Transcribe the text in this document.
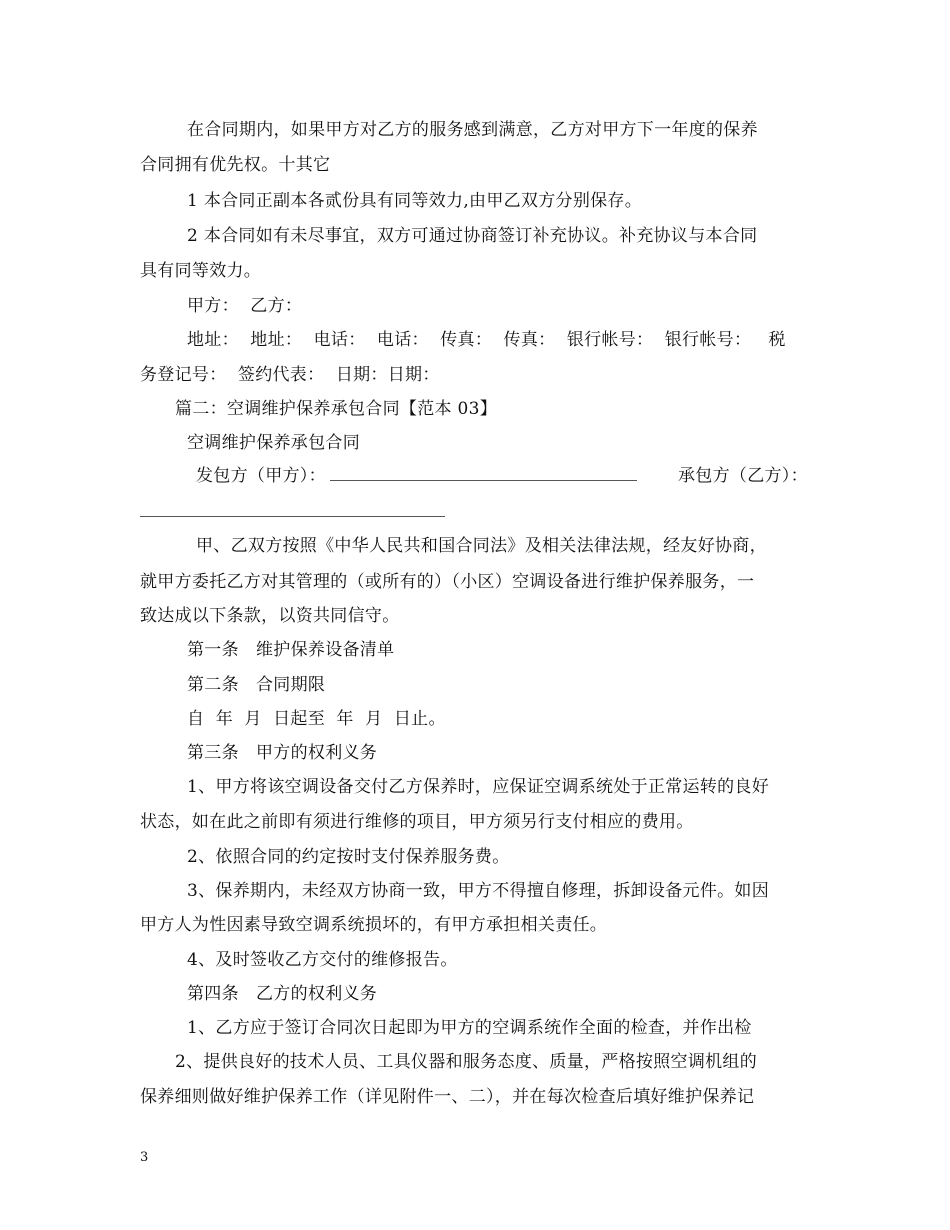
在合同期内，如果甲方对乙方的服务感到满意，乙方对甲方下一年度的保养
合同拥有优先权。十其它
1 本合同正副本各贰份具有同等效力,由甲乙双方分别保存。
2 本合同如有未尽事宜，双方可通过协商签订补充协议。补充协议与本合同
具有同等效力。
甲方：  乙方：
地址：  地址：  电话：  电话：  传真：  传真：  银行帐号：  银行帐号：   税
务登记号：  签约代表：  日期：日期：
篇二：空调维护保养承包合同【范本 03】
空调维护保养承包合同
发包方（甲方）：	承包方（乙方）：
甲、乙双方按照《中华人民共和国合同法》及相关法律法规，经友好协商，
就甲方委托乙方对其管理的（或所有的）（小区）空调设备进行维护保养服务，一
致达成以下条款，以资共同信守。
第一条   维护保养设备清单
第二条   合同期限
自  年  月  日起至  年  月  日止。
第三条   甲方的权利义务
1、甲方将该空调设备交付乙方保养时，应保证空调系统处于正常运转的良好
状态，如在此之前即有须进行维修的项目，甲方须另行支付相应的费用。
2、依照合同的约定按时支付保养服务费。
3、保养期内，未经双方协商一致，甲方不得擅自修理，拆卸设备元件。如因
甲方人为性因素导致空调系统损坏的，有甲方承担相关责任。
4、及时签收乙方交付的维修报告。
第四条   乙方的权利义务
1、乙方应于签订合同次日起即为甲方的空调系统作全面的检查，并作出检
2、提供良好的技术人员、工具仪器和服务态度、质量，严格按照空调机组的
保养细则做好维护保养工作（详见附件一、二），并在每次检查后填好维护保养记
3
